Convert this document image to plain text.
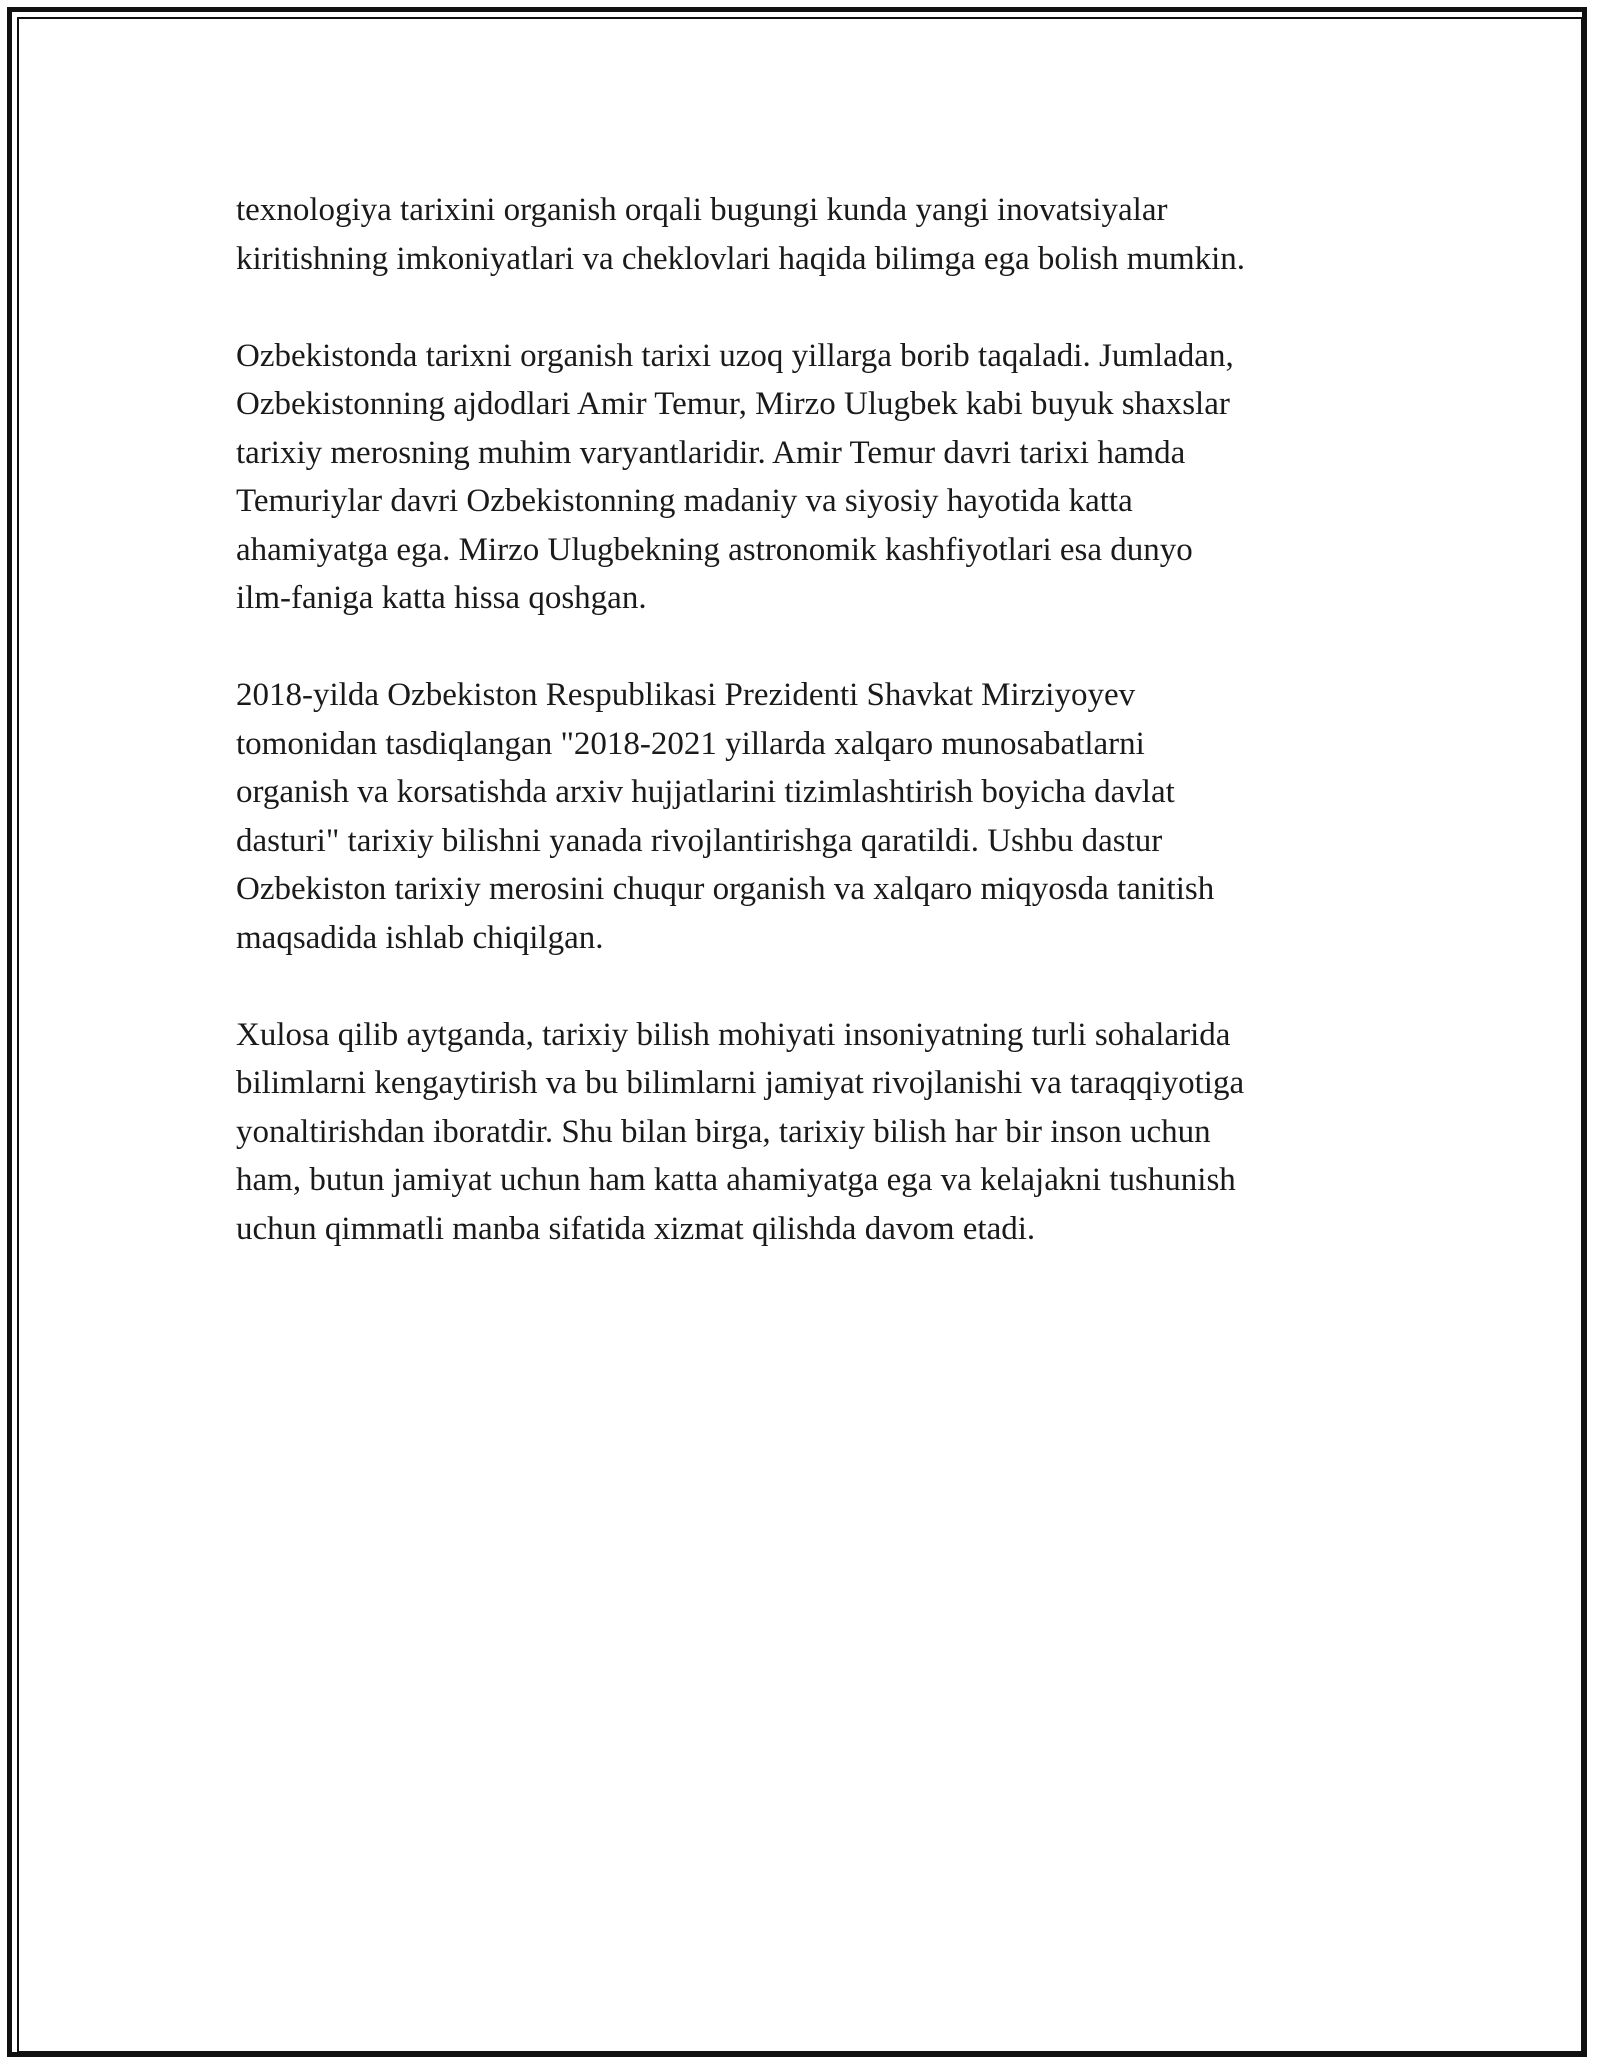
texnologiya tarixini organish orqali bugungi kunda yangi inovatsiyalar
kiritishning imkoniyatlari va cheklovlari haqida bilimga ega bolish mumkin.

Ozbekistonda tarixni organish tarixi uzoq yillarga borib taqaladi. Jumladan,
Ozbekistonning ajdodlari Amir Temur, Mirzo Ulugbek kabi buyuk shaxslar
tarixiy merosning muhim varyantlaridir. Amir Temur davri tarixi hamda
Temuriylar davri Ozbekistonning madaniy va siyosiy hayotida katta
ahamiyatga ega. Mirzo Ulugbekning astronomik kashfiyotlari esa dunyo
ilm-faniga katta hissa qoshgan.

2018-yilda Ozbekiston Respublikasi Prezidenti Shavkat Mirziyoyev
tomonidan tasdiqlangan "2018-2021 yillarda xalqaro munosabatlarni
organish va korsatishda arxiv hujjatlarini tizimlashtirish boyicha davlat
dasturi" tarixiy bilishni yanada rivojlantirishga qaratildi. Ushbu dastur
Ozbekiston tarixiy merosini chuqur organish va xalqaro miqyosda tanitish
maqsadida ishlab chiqilgan.

Xulosa qilib aytganda, tarixiy bilish mohiyati insoniyatning turli sohalarida
bilimlarni kengaytirish va bu bilimlarni jamiyat rivojlanishi va taraqqiyotiga
yonaltirishdan iboratdir. Shu bilan birga, tarixiy bilish har bir inson uchun
ham, butun jamiyat uchun ham katta ahamiyatga ega va kelajakni tushunish
uchun qimmatli manba sifatida xizmat qilishda davom etadi.
